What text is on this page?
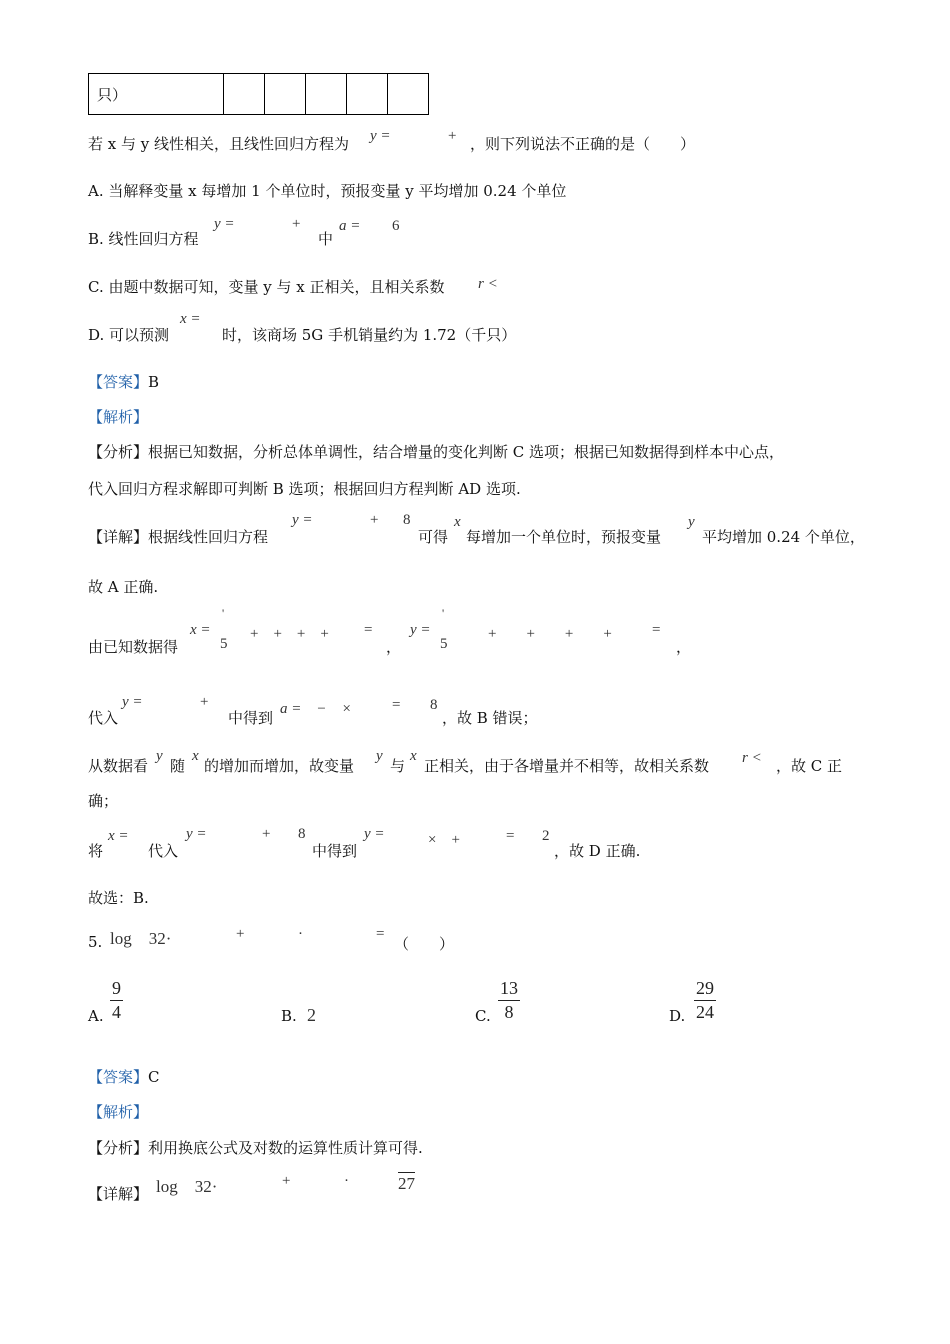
只）					
若 x 与 y 线性相关，且线性回归方程为 y =	+ ，则下列说法不正确的是（　　）
A. 当解释变量 x 每增加 1 个单位时，预报变量 y 平均增加 0.24 个单位
B. 线性回归方程
y =	+
中
a = 6
C. 由题中数据可知，变量 y 与 x 正相关，且相关系数 r <
D. 可以预测
x =
时，该商场 5G 手机销量约为 1.72（千只）
【答案】B
【解析】
【分析】根据已知数据，分析总体单调性，结合增量的变化判断 C 选项；根据已知数据得到样本中心点，
代入回归方程求解即可判断 B 选项；根据回归方程判断 AD 选项.
【详解】根据线性回归方程
y =	+ 8
可得
x
每增加一个单位时，预报变量
y
平均增加 0.24 个单位，
故 A 正确.
由已知数据得
x =
'
5
+　+　+　+ =
，
y =
'
5
+　　+　　+　　+	=
，
代入
y =	+
中得到 a =　−　×	= 8
，故 B 错误；
从数据看
y
随
x
的增加而增加，故变量
y
与
x
正相关，由于各增量并不相等，故相关系数 r < ，故 C 正
确；
将
x =
代入
y =	+ 8
中得到
y =	×　+	= 2
，故 D 正确.
故选：B.
5. log　32·	+	·	=
（　　）
A.
9
4	B. 2	C.
13
8	D.
29
24
【答案】C
【解析】
【分析】利用换底公式及对数的运算性质计算可得.
【详解】 log　32·	+	·	27
